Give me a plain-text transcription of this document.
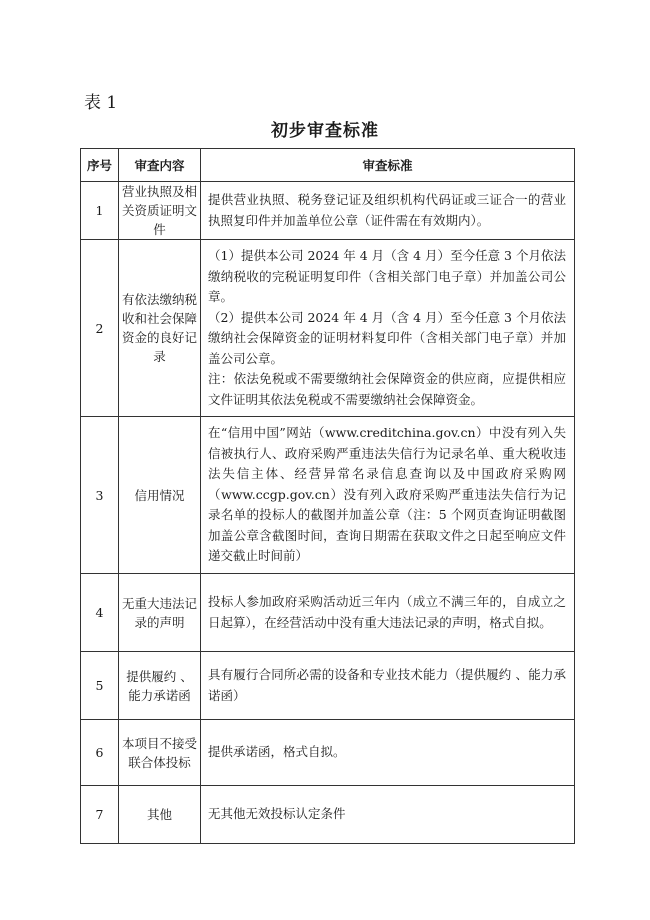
表 1
初步审查标准
序号	审查内容	审查标准
1	营业执照及相关资质证明文件	提供营业执照、税务登记证及组织机构代码证或三证合一的营业执照复印件并加盖单位公章（证件需在有效期内）。

2	有依法缴纳税收和社会保障资金的良好记录	（1）提供本公司 2024 年 4 月（含 4 月）至今任意 3 个月依法缴纳税收的完税证明复印件（含相关部门电子章）并加盖公司公章。

（2）提供本公司 2024 年 4 月（含 4 月）至今任意 3 个月依法缴纳社会保障资金的证明材料复印件（含相关部门电子章）并加盖公司公章。

注：依法免税或不需要缴纳社会保障资金的供应商，应提供相应文件证明其依法免税或不需要缴纳社会保障资金。

3	信用情况	在“信用中国”网站（www.creditchina.gov.cn）中没有列入失信被执行人、政府采购严重违法失信行为记录名单、重大税收违法失信主体、经营异常名录信息查询以及中国政府采购网（www.ccgp.gov.cn）没有列入政府采购严重违法失信行为记录名单的投标人的截图并加盖公章（注：5 个网页查询证明截图加盖公章含截图时间，查询日期需在获取文件之日起至响应文件递交截止时间前）

4	无重大违法记录的声明	投标人参加政府采购活动近三年内（成立不满三年的，自成立之日起算），在经营活动中没有重大违法记录的声明，格式自拟。

5	提供履约 、能力承诺函	具有履行合同所必需的设备和专业技术能力（提供履约 、能力承诺函）

6	本项目不接受联合体投标	提供承诺函，格式自拟。

7	其他	无其他无效投标认定条件
